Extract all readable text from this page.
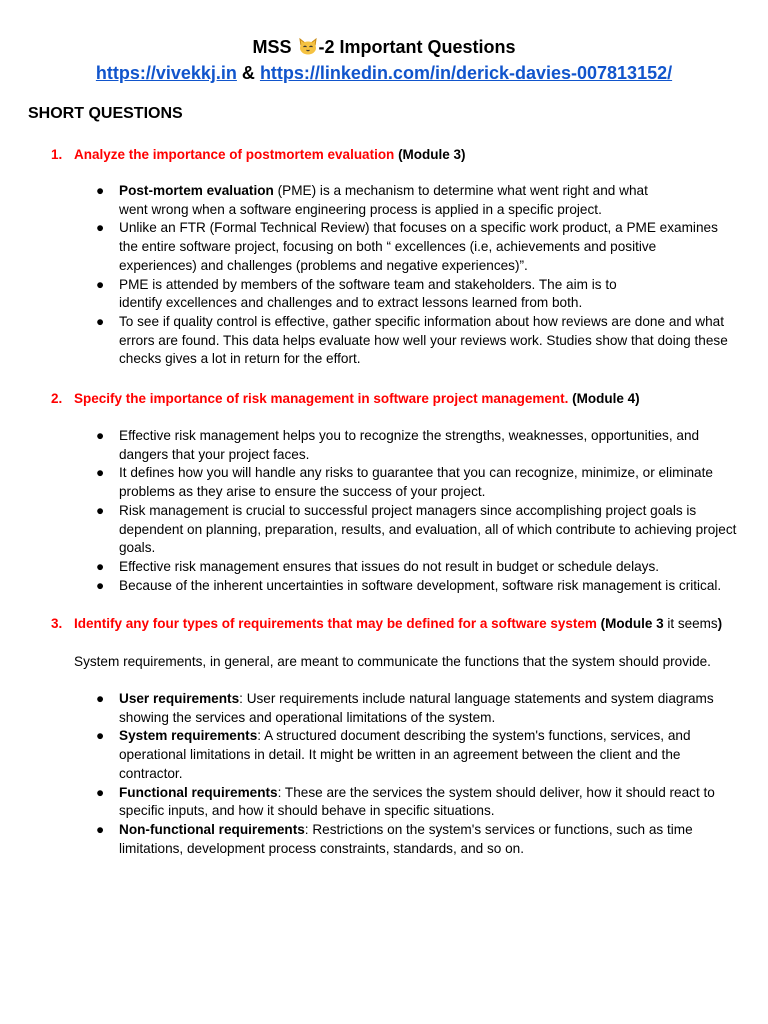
MSS -2 Important Questions
https://vivekkj.in & https://linkedin.com/in/derick-davies-007813152/
SHORT QUESTIONS
1. Analyze the importance of postmortem evaluation (Module 3)
● Post-mortem evaluation (PME) is a mechanism to determine what went right and what
went wrong when a software engineering process is applied in a specific project.
● Unlike an FTR (Formal Technical Review) that focuses on a specific work product, a PME examines
the entire software project, focusing on both “ excellences (i.e, achievements and positive
experiences) and challenges (problems and negative experiences)”.
● PME is attended by members of the software team and stakeholders. The aim is to
identify excellences and challenges and to extract lessons learned from both.
● To see if quality control is effective, gather specific information about how reviews are done and what
errors are found. This data helps evaluate how well your reviews work. Studies show that doing these
checks gives a lot in return for the effort.
2. Specify the importance of risk management in software project management. (Module 4)
● Effective risk management helps you to recognize the strengths, weaknesses, opportunities, and
dangers that your project faces.
● It defines how you will handle any risks to guarantee that you can recognize, minimize, or eliminate
problems as they arise to ensure the success of your project.
● Risk management is crucial to successful project managers since accomplishing project goals is
dependent on planning, preparation, results, and evaluation, all of which contribute to achieving project
goals.
● Effective risk management ensures that issues do not result in budget or schedule delays.
● Because of the inherent uncertainties in software development, software risk management is critical.
3. Identify any four types of requirements that may be defined for a software system (Module 3 it seems)
System requirements, in general, are meant to communicate the functions that the system should provide.
● User requirements: User requirements include natural language statements and system diagrams
showing the services and operational limitations of the system.
● System requirements: A structured document describing the system's functions, services, and
operational limitations in detail. It might be written in an agreement between the client and the
contractor.
● Functional requirements: These are the services the system should deliver, how it should react to
specific inputs, and how it should behave in specific situations.
● Non-functional requirements: Restrictions on the system's services or functions, such as time
limitations, development process constraints, standards, and so on.
